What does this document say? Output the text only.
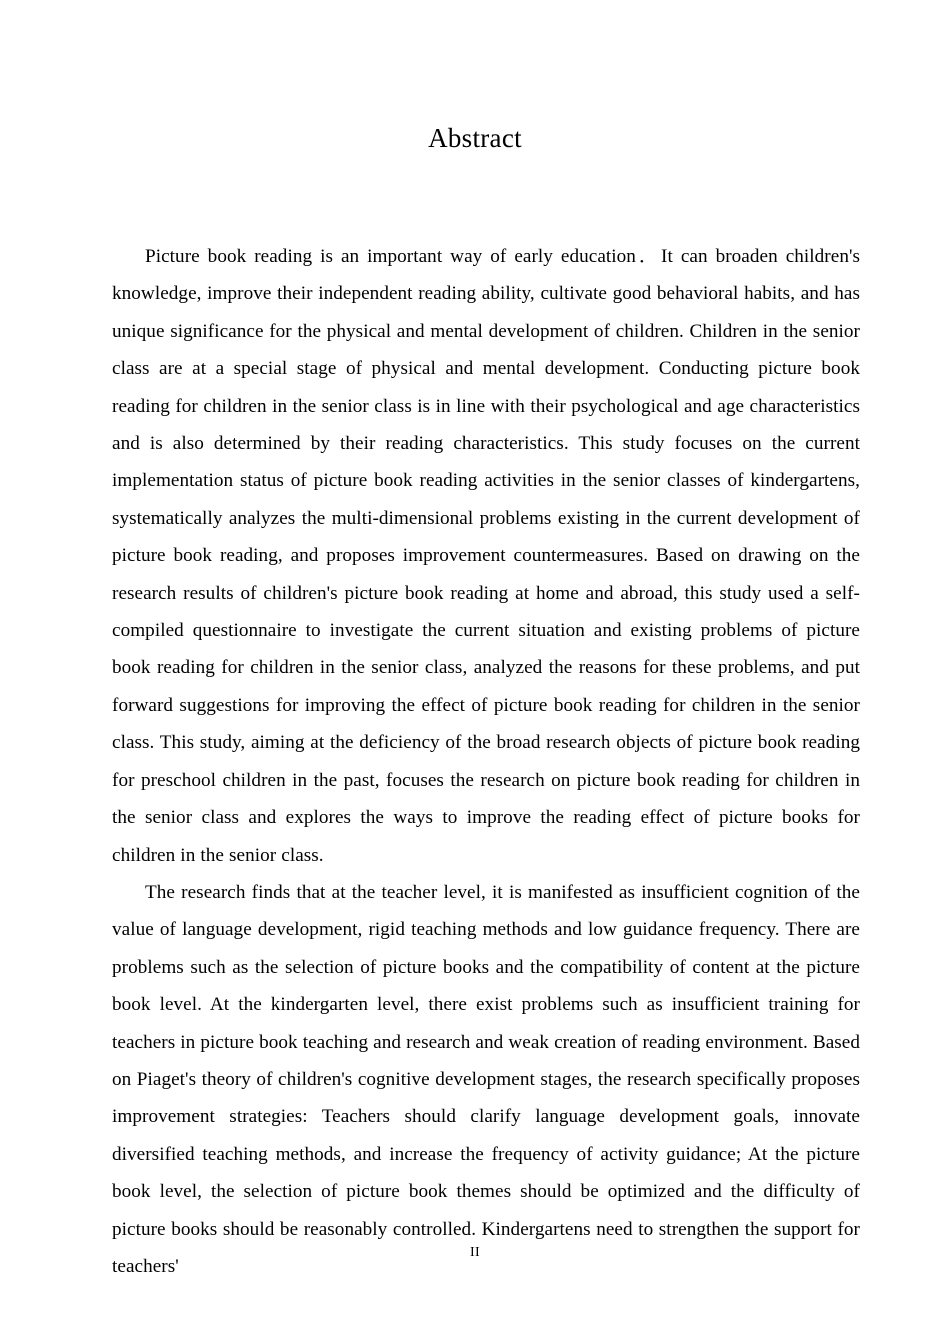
Abstract

Picture book reading is an important way of early education．It can broaden children's knowledge, improve their independent reading ability, cultivate good behavioral habits, and has unique significance for the physical and mental development of children. Children in the senior class are at a special stage of physical and mental development. Conducting picture book reading for children in the senior class is in line with their psychological and age characteristics and is also determined by their reading characteristics. This study focuses on the current implementation status of picture book reading activities in the senior classes of kindergartens, systematically analyzes the multi-dimensional problems existing in the current development of picture book reading, and proposes improvement countermeasures. Based on drawing on the research results of children's picture book reading at home and abroad, this study used a self-compiled questionnaire to investigate the current situation and existing problems of picture book reading for children in the senior class, analyzed the reasons for these problems, and put forward suggestions for improving the effect of picture book reading for children in the senior class. This study, aiming at the deficiency of the broad research objects of picture book reading for preschool children in the past, focuses the research on picture book reading for children in the senior class and explores the ways to improve the reading effect of picture books for children in the senior class.

The research finds that at the teacher level, it is manifested as insufficient cognition of the value of language development, rigid teaching methods and low guidance frequency. There are problems such as the selection of picture books and the compatibility of content at the picture book level. At the kindergarten level, there exist problems such as insufficient training for teachers in picture book teaching and research and weak creation of reading environment. Based on Piaget's theory of children's cognitive development stages, the research specifically proposes improvement strategies: Teachers should clarify language development goals, innovate diversified teaching methods, and increase the frequency of activity guidance; At the picture book level, the selection of picture book themes should be optimized and the difficulty of picture books should be reasonably controlled. Kindergartens need to strengthen the support for teachers'

II
